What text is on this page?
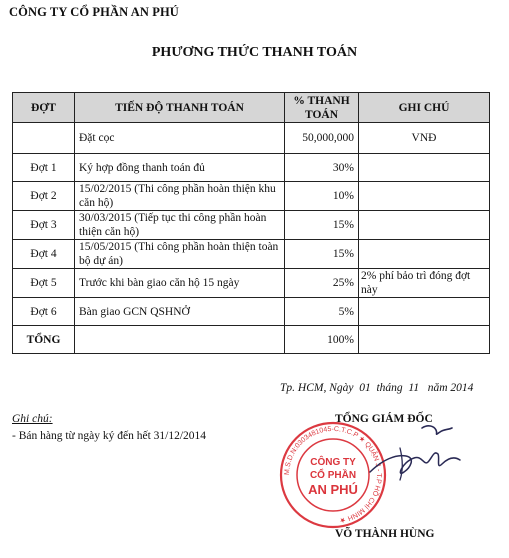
CÔNG TY CỔ PHẦN AN PHÚ
PHƯƠNG THỨC THANH TOÁN
ĐỢT	TIẾN ĐỘ THANH TOÁN	% THANH TOÁN	GHI CHÚ
	Đặt cọc	50,000,000	VNĐ
Đợt 1	Ký hợp đồng thanh toán đủ	30%	
Đợt 2	15/02/2015 (Thi công phần hoàn thiện khu căn hộ)	10%	
Đợt 3	30/03/2015 (Tiếp tục thi công phần hoàn thiện căn hộ)	15%	
Đợt 4	15/05/2015 (Thi công phần hoàn thiện toàn bộ dự án)	15%	
Đợt 5	Trước khi bàn giao căn hộ 15 ngày	25%	2% phí bảo trì đóng đợt này
Đợt 6	Bàn giao GCN QSHNỞ	5%	
TỔNG		100%	
Tp. HCM, Ngày  01  tháng  11   năm 2014
TỔNG GIÁM ĐỐC
Ghi chú:
- Bán hàng từ ngày ký đến hết 31/12/2014
M.S.D.N:0303481045-C.T.C.P ★ QUẬN 3 - T.P HỒ CHÍ MINH ★
CÔNG TY
CỔ PHẦN
AN PHÚ
VÕ THÀNH HÙNG
